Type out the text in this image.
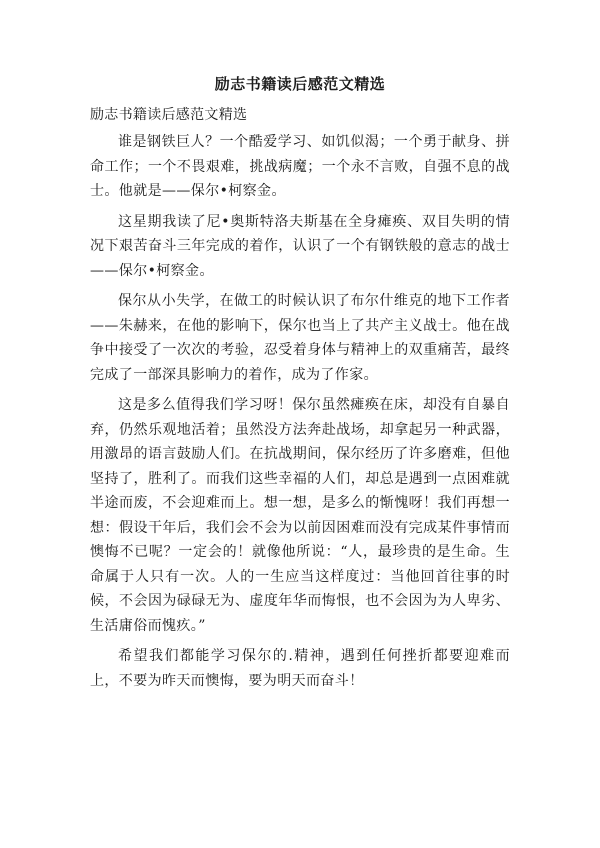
励志书籍读后感范文精选

励志书籍读后感范文精选

谁是钢铁巨人？一个酷爱学习、如饥似渴；一个勇于献身、拼命工作；一个不畏艰难，挑战病魔；一个永不言败，自强不息的战士。他就是——保尔•柯察金。

这星期我读了尼•奥斯特洛夫斯基在全身瘫痪、双目失明的情况下艰苦奋斗三年完成的着作，认识了一个有钢铁般的意志的战士——保尔•柯察金。

保尔从小失学，在做工的时候认识了布尔什维克的地下工作者——朱赫来，在他的影响下，保尔也当上了共产主义战士。他在战争中接受了一次次的考验，忍受着身体与精神上的双重痛苦，最终完成了一部深具影响力的着作，成为了作家。

这是多么值得我们学习呀！保尔虽然瘫痪在床，却没有自暴自弃，仍然乐观地活着；虽然没方法奔赴战场，却拿起另一种武器，用激昂的语言鼓励人们。在抗战期间，保尔经历了许多磨难，但他坚持了，胜利了。而我们这些幸福的人们，却总是遇到一点困难就半途而废，不会迎难而上。想一想，是多么的惭愧呀！我们再想一想：假设干年后，我们会不会为以前因困难而没有完成某件事情而懊悔不已呢？一定会的！就像他所说：“人，最珍贵的是生命。生命属于人只有一次。人的一生应当这样度过：当他回首往事的时候，不会因为碌碌无为、虚度年华而悔恨，也不会因为为人卑劣、生活庸俗而愧疚。”

希望我们都能学习保尔的.精神，遇到任何挫折都要迎难而上，不要为昨天而懊悔，要为明天而奋斗！
